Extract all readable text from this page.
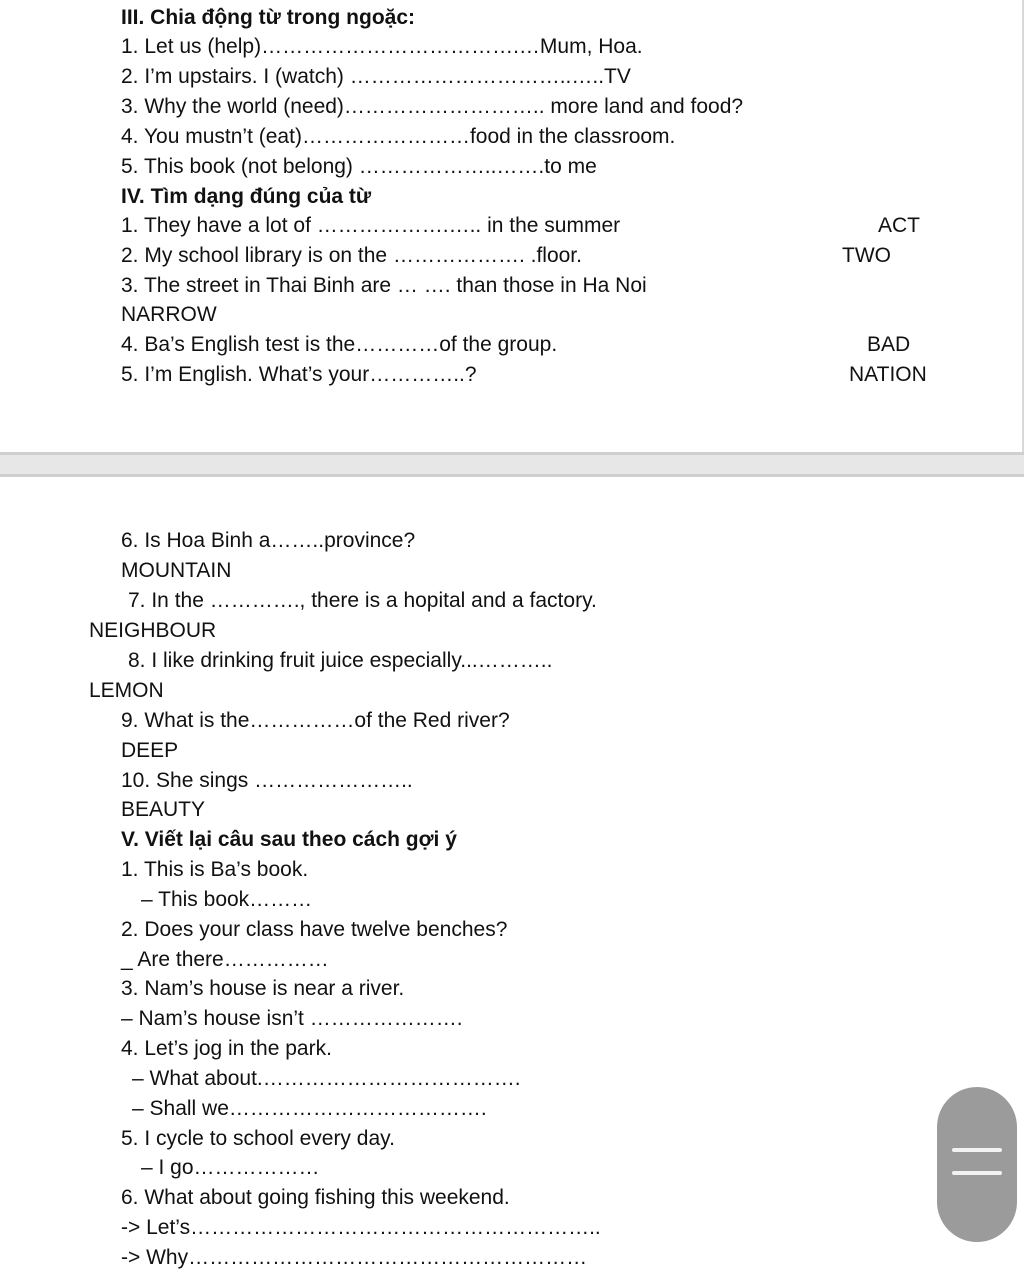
III. Chia động từ trong ngoặc:
1. Let us (help)……………………………….…Mum, Hoa.
2. I’m upstairs. I (watch) …………………………..…..TV
3. Why the world (need)……………………….. more land and food?
4. You mustn’t (eat)……………………food in the classroom.
5. This book (not belong) ………………..…….to me
IV. Tìm dạng đúng của từ
1. They have a lot of ……………….….. in the summer	ACT
2. My school library is on the ………………. .floor.	TWO
3. The street in Thai Binh are … …. than those in Ha Noi
NARROW
4. Ba’s English test is the…………of the group.	BAD
5. I’m English. What’s your…………..?	NATION
6. Is Hoa Binh a……..province?
MOUNTAIN
7. In the …………., there is a hopital and a factory.
NEIGHBOUR
8. I like drinking fruit juice especially...………..
LEMON
9. What is the……………of the Red river?
DEEP
10. She sings …………………..
BEAUTY
V. Viết lại câu sau theo cách gợi ý
1. This is Ba’s book.
– This book………
2. Does your class have twelve benches?
_ Are there……………
3. Nam’s house is near a river.
– Nam’s house isn’t ………………….
4. Let’s jog in the park.
– What about.……………………………….
– Shall we……………………………….
5. I cycle to school every day.
– I go………………
6. What about going fishing this weekend.
-> Let’s…………………………………………………..
-> Why…………………………………………………
